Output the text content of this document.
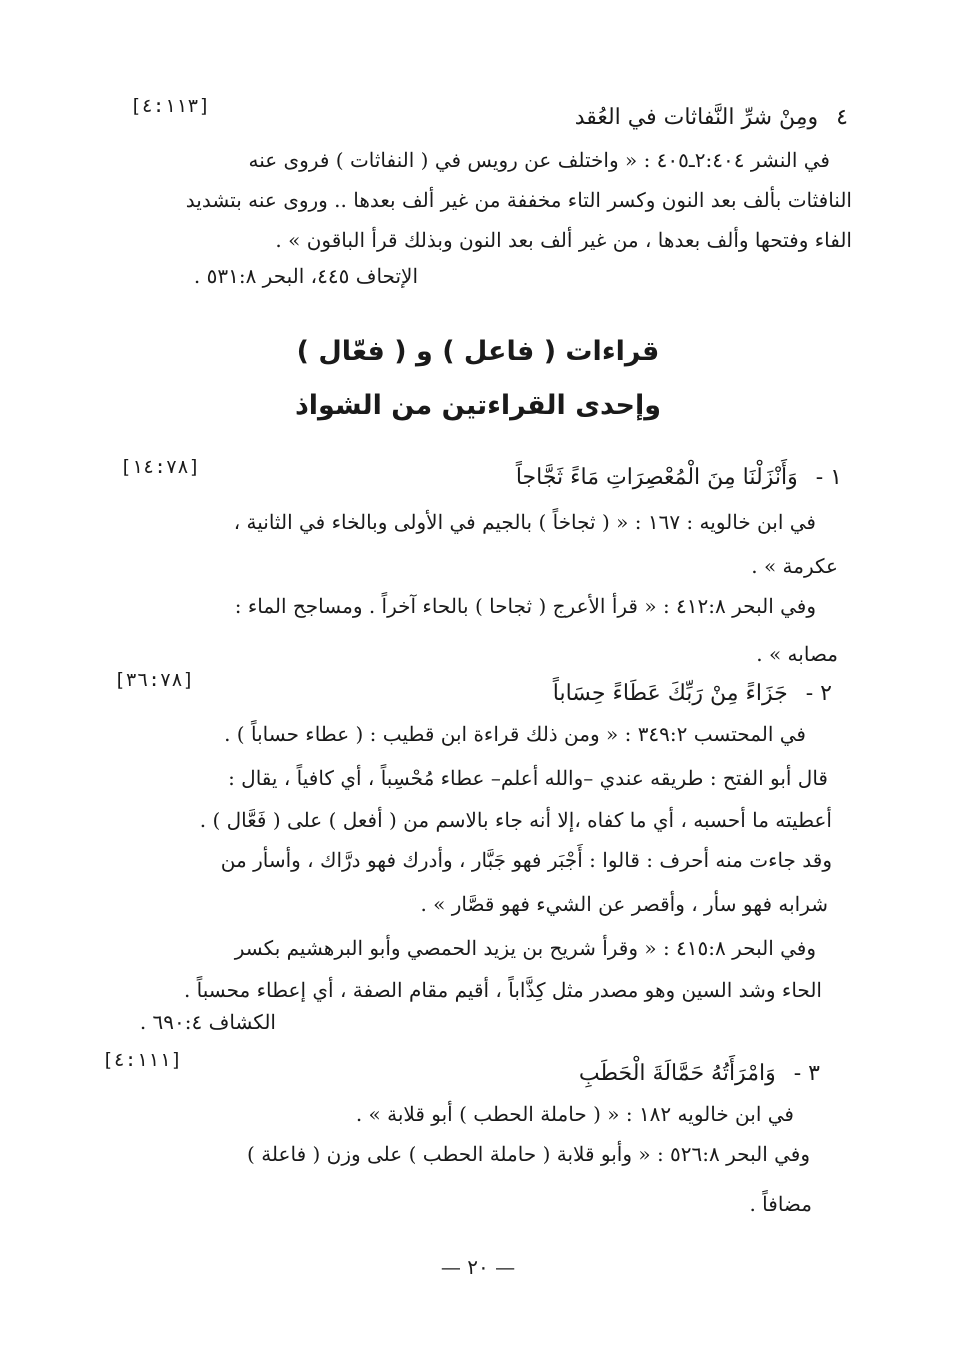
[٤:١١٣]	٤ومِنْ شرِّ النَّفاثات في العُقد
في النشر ٢:٤٠٤ـ٤٠٥ : « واختلف عن رويس في ( النفاثات ) فروى عنه
النافثات بألف بعد النون وكسر التاء مخففة من غير ألف بعدها .. وروى عنه بتشديد
الفاء وفتحها وألف بعدها ، من غير ألف بعد النون وبذلك قرأ الباقون » .
الإتحاف ٤٤٥، البحر ٥٣١:٨ .
قراءات ( فاعل ) و ( فعّال )
وإحدى القراءتين من الشواذ
[١٤:٧٨]	١ -وَأَنْزَلْنَا مِنَ الْمُعْصِرَاتِ مَاءً ثَجَّاجاً
في ابن خالويه : ١٦٧ : « ( ثجاخاً ) بالجيم في الأولى وبالخاء في الثانية ،
عكرمة » .
وفي البحر ٤١٢:٨ : « قرأ الأعرج ( ثجاحا ) بالحاء آخراً . ومساجح الماء :
مصابه » .
[٣٦:٧٨]
٢ -جَزَاءً مِنْ رَبِّكَ عَطَاءً حِسَاباً
في المحتسب ٣٤٩:٢ : « ومن ذلك قراءة ابن قطيب : ( عطاء حساباً ) .
قال أبو الفتح : طريقه عندي –والله أعلم– عطاء مُحْسِباً ، أي كافياً ، يقال :
أعطيته ما أحسبه ، أي ما كفاه ،إلا أنه جاء بالاسم من ( أفعل ) على ( فَعَّال ) .
وقد جاءت منه أحرف : قالوا : أَجْبَر فهو جَبَّار ، وأدرك فهو درَّاك ، وأسأر من
شرابه فهو سأر ، وأقصر عن الشيء فهو قصَّار » .
وفي البحر ٤١٥:٨ : « وقرأ شريح بن يزيد الحمصي وأبو البرهشيم بكسر
الحاء وشد السين وهو مصدر مثل كِذَّاباً ، أقيم مقام الصفة ، أي إعطاء محسباً .
الكشاف ٦٩٠:٤ .
[٤:١١١]
٣ -وَامْرَأَتُهُ حَمَّالَةَ الْحَطَبِ
في ابن خالويه ١٨٢ : « ( حاملة الحطب ) أبو قلابة » .
وفي البحر ٥٢٦:٨ : « وأبو قلابة ( حاملة الحطب ) على وزن ( فاعلة )
مضافاً .
— ٢٠ —
